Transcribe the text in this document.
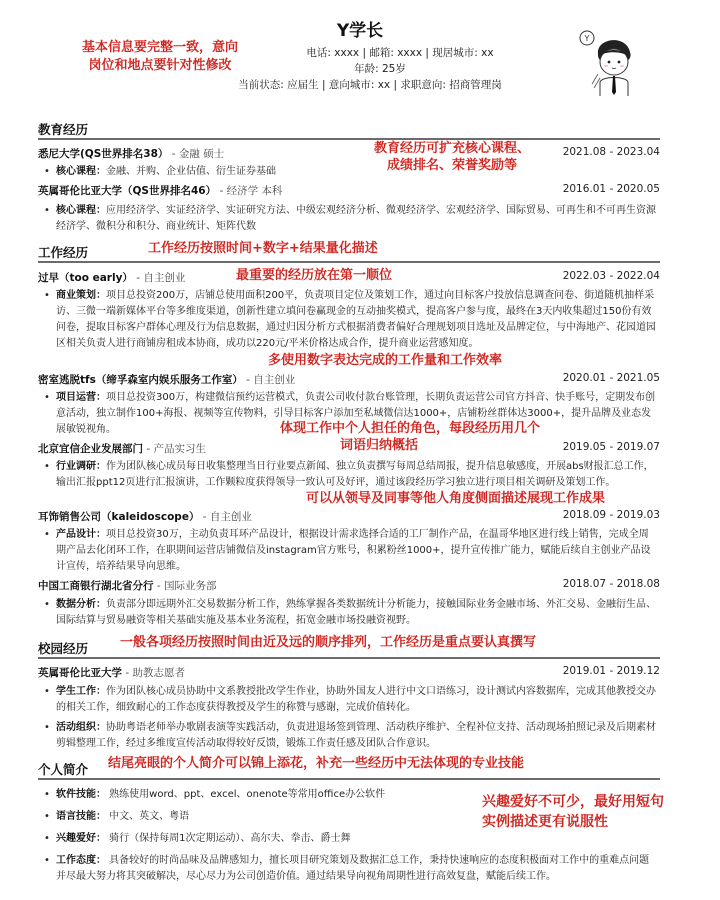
Y学长
基本信息要完整一致，意向
岗位和地点要针对性修改
电话: xxxx | 邮箱: xxxx | 现居城市: xx
年龄: 25岁
当前状态: 应届生 | 意向城市: xx | 求职意向: 招商管理岗
Y
教育经历
教育经历可扩充核心课程、
成绩排名、荣誉奖励等
悉尼大学(QS世界排名38） - 金融 硕士	2021.08 - 2023.04
• 核心课程：金融、并购、企业估值、衍生证券基础
英属哥伦比亚大学（QS世界排名46） - 经济学 本科	2016.01 - 2020.05
• 核心课程：应用经济学、实证经济学、实证研究方法、中级宏观经济分析、微观经济学、宏观经济学、国际贸易、可再生和不可再生资源经济学、微积分和积分、商业统计、矩阵代数
工作经历	工作经历按照时间+数字+结果量化描述
过早（too early） - 自主创业	2022.03 - 2022.04
最重要的经历放在第一顺位
• 商业策划：项目总投资200万，店铺总使用面积200平，负责项目定位及策划工作，通过向目标客户投放信息调查问卷、街道随机抽样采访、三微一端新媒体平台等多维度渠道，创新性建立填问卷赢现金的互动抽奖模式，提高客户参与度，最终在3天内收集超过150份有效问卷，提取目标客户群体心理及行为信息数据，通过归因分析方式根据消费者偏好合理规划项目选址及品牌定位，与中海地产、花园道园区相关负责人进行商铺房租成本协商，成功以220元/平米价格达成合作，提升商业运营感知度。
多使用数字表达完成的工作量和工作效率
密室逃脱tfs（缔孚森室内娱乐服务工作室） - 自主创业	2020.01 - 2021.05
• 项目运营：项目总投资300万，构建微信预约运营模式，负责公司收付款台账管理，长期负责运营公司官方抖音、快手账号，定期发布创意活动，独立制作100+海报、视频等宣传物料，引导目标客户添加至私域微信达1000+，店铺粉丝群体达3000+，提升品牌及业态发展敏锐视角。	体现工作中个人担任的角色，每段经历用几个
词语归纳概括
北京宜信企业发展部门 - 产品实习生	2019.05 - 2019.07
• 行业调研：作为团队核心成员每日收集整理当日行业要点新闻、独立负责撰写每周总结周报，提升信息敏感度，开展abs财报汇总工作，输出汇报ppt12页进行汇报演讲，工作颗粒度获得领导一致认可及好评，通过该段经历学习独立进行项目相关调研及策划工作。
可以从领导及同事等他人角度侧面描述展现工作成果
耳饰销售公司（kaleidoscope） - 自主创业	2018.09 - 2019.03
• 产品设计：项目总投资30万，主动负责耳环产品设计，根据设计需求选择合适的工厂制作产品，在温哥华地区进行线上销售，完成全周期产品去化闭环工作，在职期间运营店铺微信及instagram官方账号，积累粉丝1000+，提升宣传推广能力，赋能后续自主创业产品设计宣传，培养结果导向思维。
中国工商银行湖北省分行 - 国际业务部	2018.07 - 2018.08
• 数据分析：负责部分即远期外汇交易数据分析工作，熟练掌握各类数据统计分析能力，接触国际业务金融市场、外汇交易、金融衍生品、国际结算与贸易融资等相关基础实施及基本业务流程，拓宽金融市场投融资视野。
校园经历 一般各项经历按照时间由近及远的顺序排列，工作经历是重点要认真撰写
英属哥伦比亚大学 - 助教志愿者	2019.01 - 2019.12
• 学生工作：作为团队核心成员协助中文系教授批改学生作业，协助外国友人进行中文口语练习，设计测试内容数据库，完成其他教授交办的相关工作，细致耐心的工作态度获得教授及学生的称赞与感谢，完成价值转化。
• 活动组织：协助粤语老师举办歌剧表演等实践活动，负责进退场签到管理、活动秩序维护、全程补位支持、活动现场拍照记录及后期素材剪辑整理工作，经过多维度宣传活动取得较好反馈，锻炼工作责任感及团队合作意识。
个人简介 结尾亮眼的个人简介可以锦上添花，补充一些经历中无法体现的专业技能
• 软件技能： 熟练使用word、ppt、excel、onenote等常用office办公软件
• 语言技能： 中文、英文、粤语
• 兴趣爱好： 骑行（保持每周1次定期运动）、高尔夫、拳击、爵士舞
兴趣爱好不可少，最好用短句
实例描述更有说服性
• 工作态度： 具备较好的时尚品味及品牌感知力，擅长项目研究策划及数据汇总工作，秉持快速响应的态度积极面对工作中的重难点问题并尽最大努力将其突破解决，尽心尽力为公司创造价值。通过结果导向视角周期性进行高效复盘，赋能后续工作。
